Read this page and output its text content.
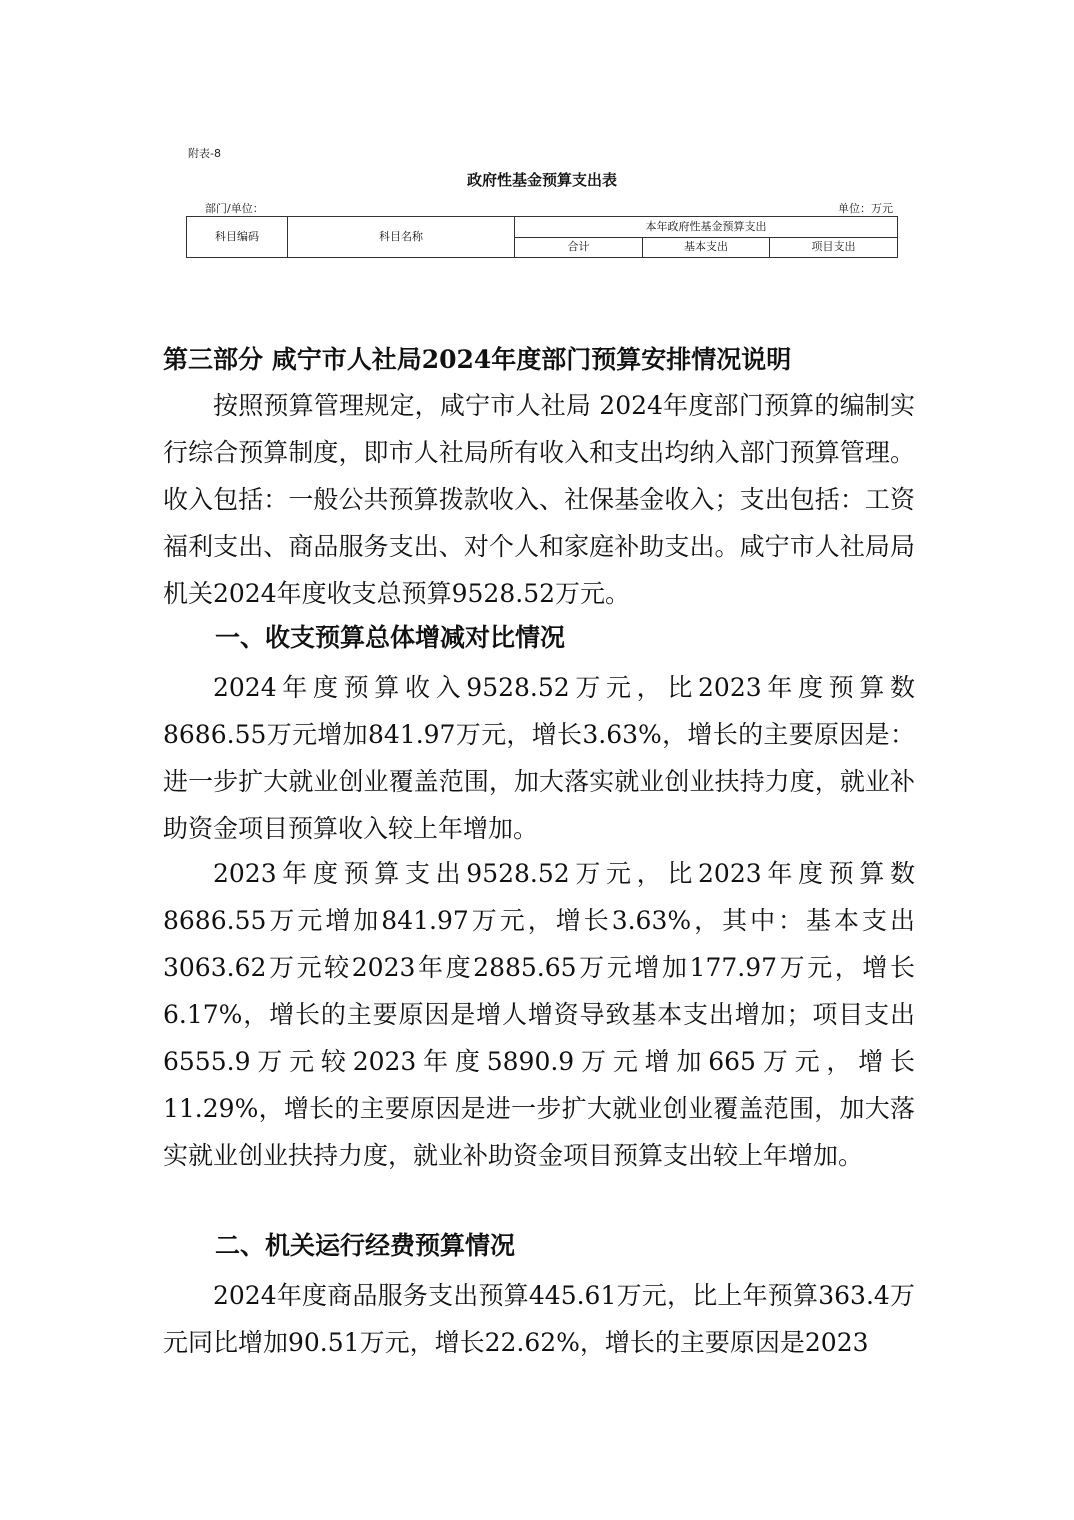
附表-8
政府性基金预算支出表
部门/单位：	单位：万元
科目编码	科目名称	本年政府性基金预算支出		
		合计	基本支出	项目支出
第三部分 咸宁市人社局2024年度部门预算安排情况说明

按照预算管理规定，咸宁市人社局 2024年度部门预算的编制实行综合预算制度，即市人社局所有收入和支出均纳入部门预算管理。收入包括：一般公共预算拨款收入、社保基金收入；支出包括：工资福利支出、商品服务支出、对个人和家庭补助支出。咸宁市人社局局机关2024年度收支总预算9528.52万元。

一、收支预算总体增减对比情况

2024年度预算收入9528.52万元，比2023年度预算数8686.55万元增加841.97万元，增长3.63%，增长的主要原因是：进一步扩大就业创业覆盖范围，加大落实就业创业扶持力度，就业补助资金项目预算收入较上年增加。

2023年度预算支出9528.52万元，比2023年度预算数8686.55万元增加841.97万元，增长3.63%，其中：基本支出3063.62万元较2023年度2885.65万元增加177.97万元，增长6.17%，增长的主要原因是增人增资导致基本支出增加；项目支出6555.9万元较2023年度5890.9万元增加665万元，增长11.29%，增长的主要原因是进一步扩大就业创业覆盖范围，加大落实就业创业扶持力度，就业补助资金项目预算支出较上年增加。

二、机关运行经费预算情况

2024年度商品服务支出预算445.61万元，比上年预算363.4万元同比增加90.51万元，增长22.62%，增长的主要原因是2023
